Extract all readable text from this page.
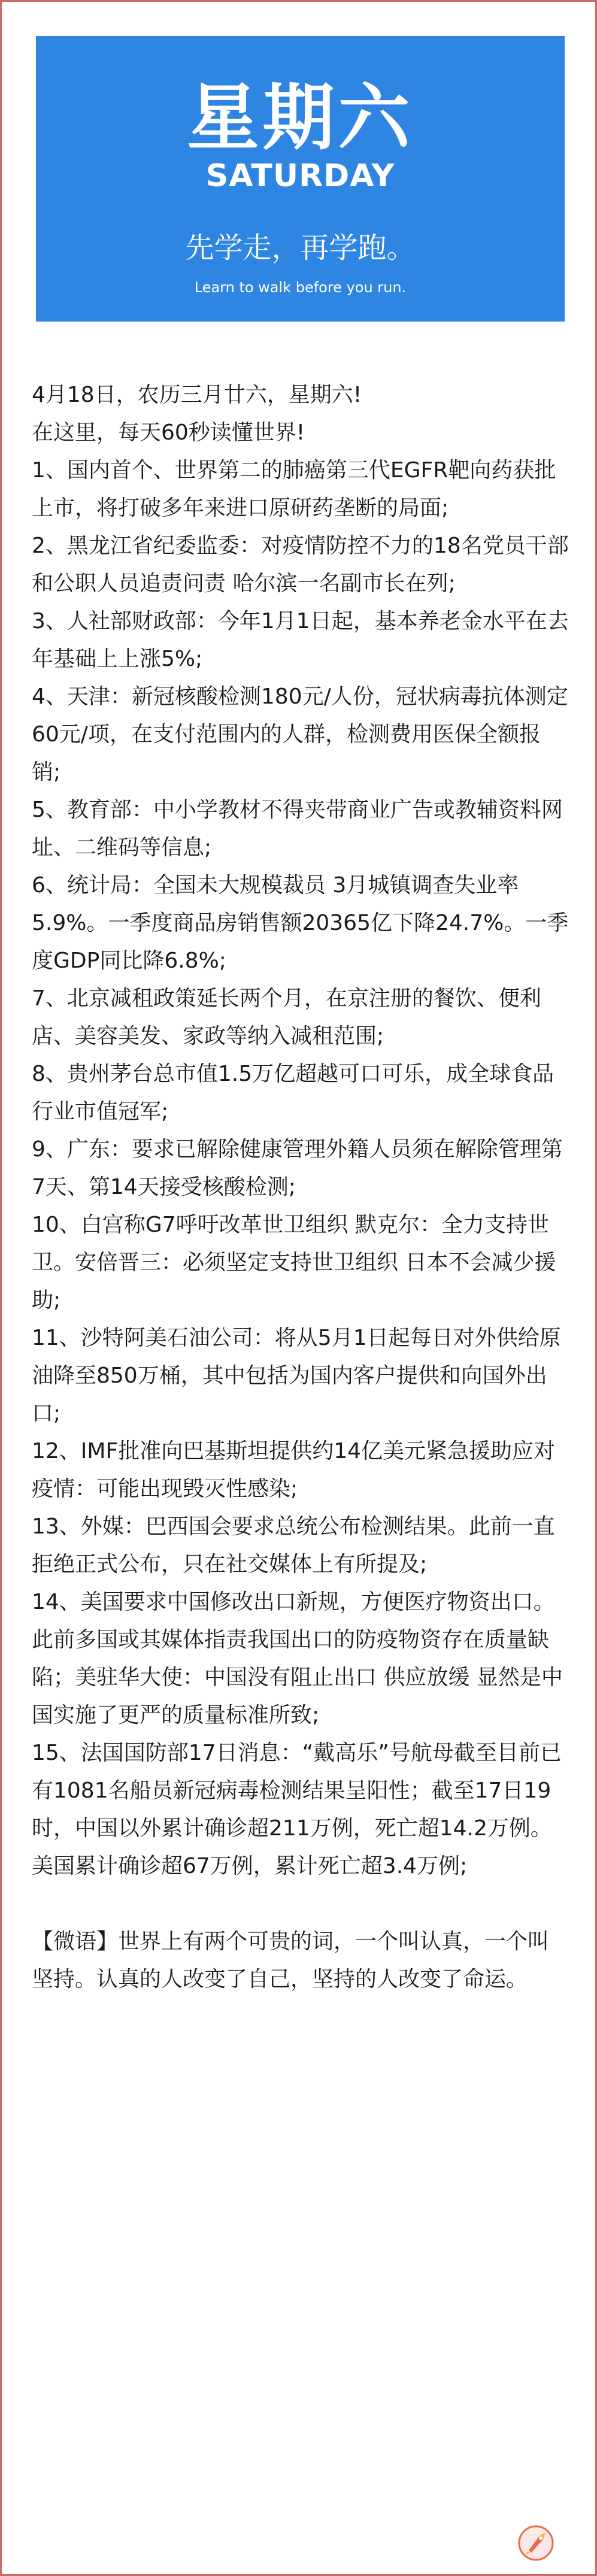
星期六
SATURDAY
先学走，再学跑。
Learn to walk before you run.

4月18日，农历三月廿六，星期六!

在这里，每天60秒读懂世界!

1、国内首个、世界第二的肺癌第三代EGFR靶向药获批上市，将打破多年来进口原研药垄断的局面;

2、黑龙江省纪委监委：对疫情防控不力的18名党员干部和公职人员追责问责 哈尔滨一名副市长在列;

3、人社部财政部：今年1月1日起，基本养老金水平在去年基础上上涨5%;

4、天津：新冠核酸检测180元/人份，冠状病毒抗体测定60元/项，在支付范围内的人群，检测费用医保全额报销;

5、教育部：中小学教材不得夹带商业广告或教辅资料网址、二维码等信息;

6、统计局：全国未大规模裁员 3月城镇调查失业率5.9%。一季度商品房销售额20365亿下降24.7%。一季度GDP同比降6.8%;

7、北京减租政策延长两个月，在京注册的餐饮、便利店、美容美发、家政等纳入减租范围;

8、贵州茅台总市值1.5万亿超越可口可乐，成全球食品行业市值冠军;

9、广东：要求已解除健康管理外籍人员须在解除管理第7天、第14天接受核酸检测;

10、白宫称G7呼吁改革世卫组织 默克尔：全力支持世卫。安倍晋三：必须坚定支持世卫组织 日本不会减少援助;

11、沙特阿美石油公司：将从5月1日起每日对外供给原油降至850万桶，其中包括为国内客户提供和向国外出口;

12、IMF批准向巴基斯坦提供约14亿美元紧急援助应对疫情：可能出现毁灭性感染;

13、外媒：巴西国会要求总统公布检测结果。此前一直拒绝正式公布，只在社交媒体上有所提及;

14、美国要求中国修改出口新规，方便医疗物资出口。此前多国或其媒体指责我国出口的防疫物资存在质量缺陷；美驻华大使：中国没有阻止出口 供应放缓 显然是中国实施了更严的质量标准所致;

15、法国国防部17日消息：“戴高乐”号航母截至目前已有1081名船员新冠病毒检测结果呈阳性；截至17日19时，中国以外累计确诊超211万例，死亡超14.2万例。美国累计确诊超67万例，累计死亡超3.4万例;

【微语】世界上有两个可贵的词，一个叫认真，一个叫坚持。认真的人改变了自己，坚持的人改变了命运。
